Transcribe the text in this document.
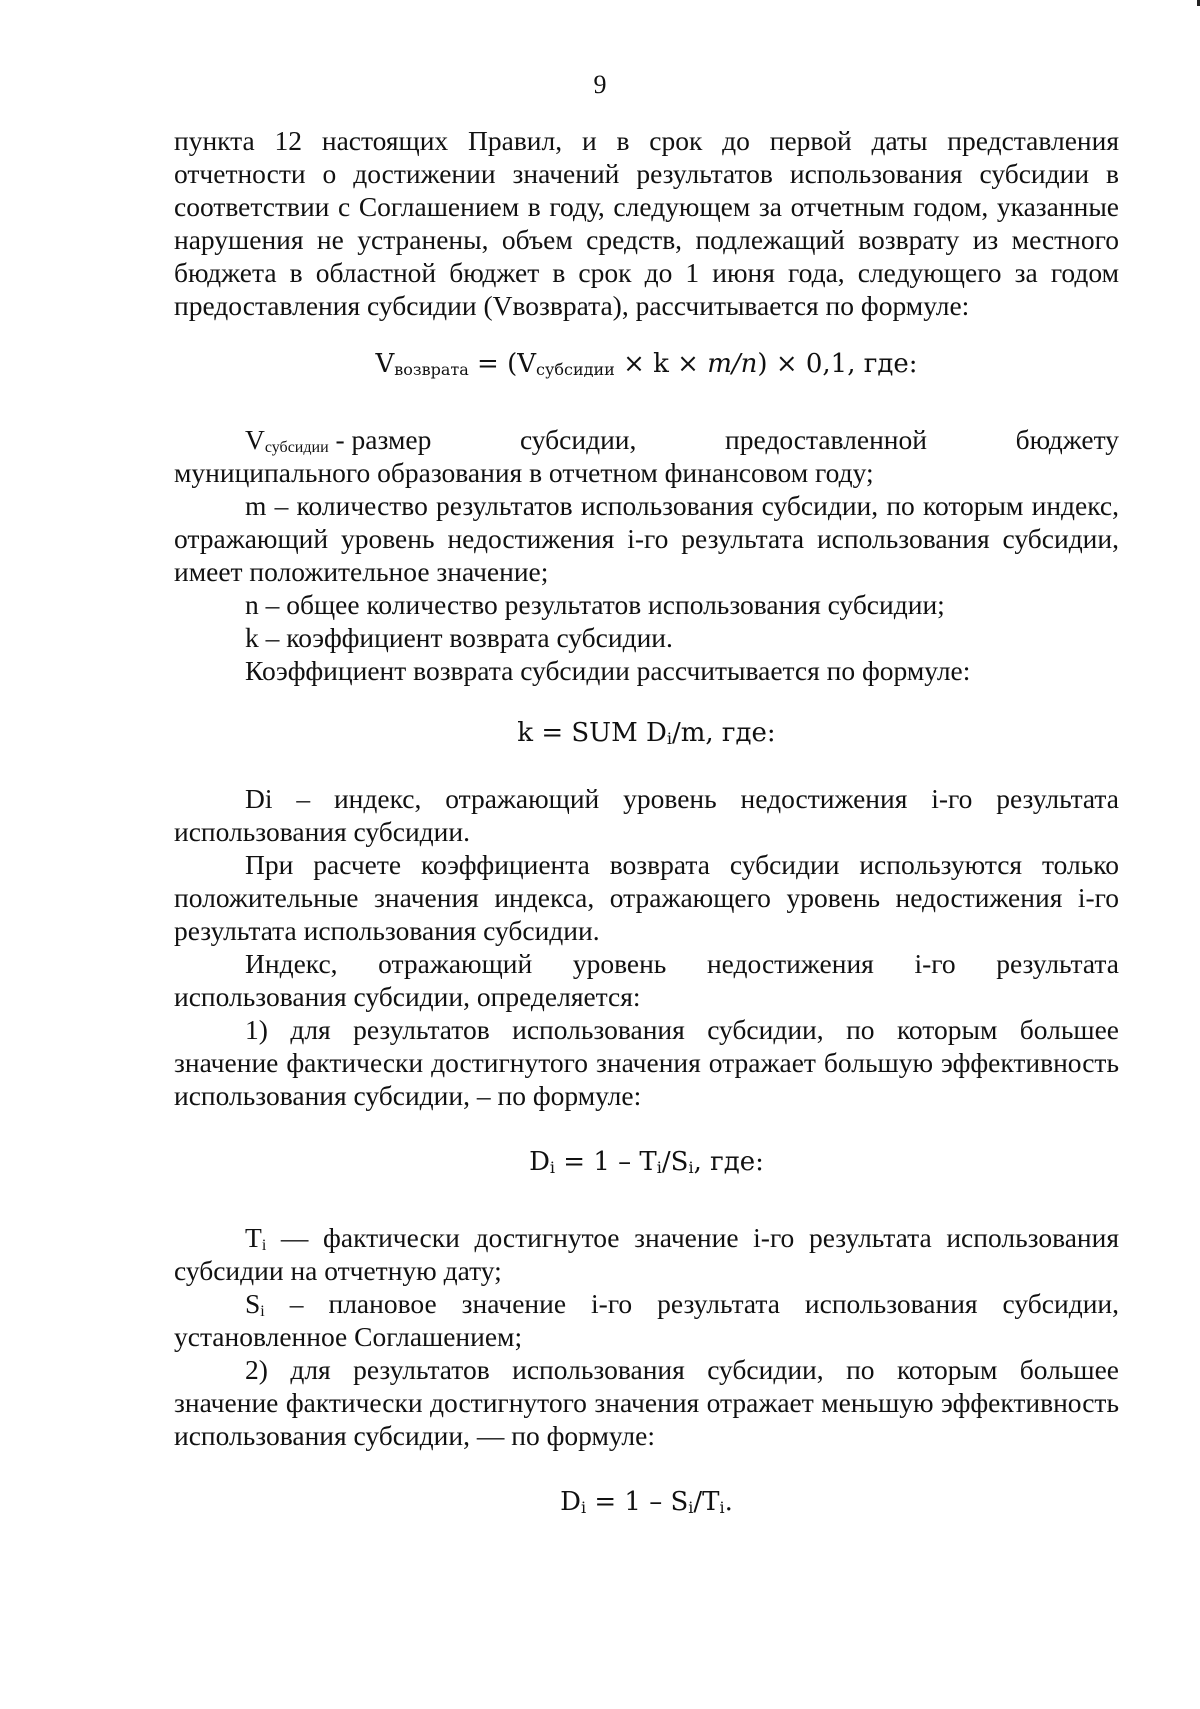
9

пункта 12 настоящих Правил, и в срок до первой даты представления отчетности о достижении значений результатов использования субсидии в соответствии с Соглашением в году, следующем за отчетным годом, указанные нарушения не устранены, объем средств, подлежащий возврату из местного бюджета в областной бюджет в срок до 1 июня года, следующего за годом предоставления субсидии (Vвозврата), рассчитывается по формуле:

$V_{возврата} = (V_{субсидии} \times k \times m/n) \times 0,1$, где:

$V_{субсидии}$ - размер	субсидии,	предоставленной	бюджету

муниципального образования в отчетном финансовом году;

m – количество результатов использования субсидии, по которым индекс, отражающий уровень недостижения i-го результата использования субсидии, имеет положительное значение;

n – общее количество результатов использования субсидии;

k – коэффициент возврата субсидии.

Коэффициент возврата субсидии рассчитывается по формуле:

k = SUM $D_i/m$, где:

Di – индекс, отражающий уровень недостижения i-го результата использования субсидии.

При расчете коэффициента возврата субсидии используются только положительные значения индекса, отражающего уровень недостижения i-го результата использования субсидии.

Индекс, отражающий уровень недостижения i-го результата

использования субсидии, определяется:

1) для результатов использования субсидии, по которым большее значение фактически достигнутого значения отражает большую эффективность использования субсидии, – по формуле:

$D_i = 1 - T_i/S_i$, где:

$T_i$ — фактически достигнутое значение i-го результата использования субсидии на отчетную дату;

$S_i$ – плановое значение i-го результата использования субсидии, установленное Соглашением;

2) для результатов использования субсидии, по которым большее значение фактически достигнутого значения отражает меньшую эффективность использования субсидии, — по формуле:

$D_i = 1 - S_i/T_i$.
